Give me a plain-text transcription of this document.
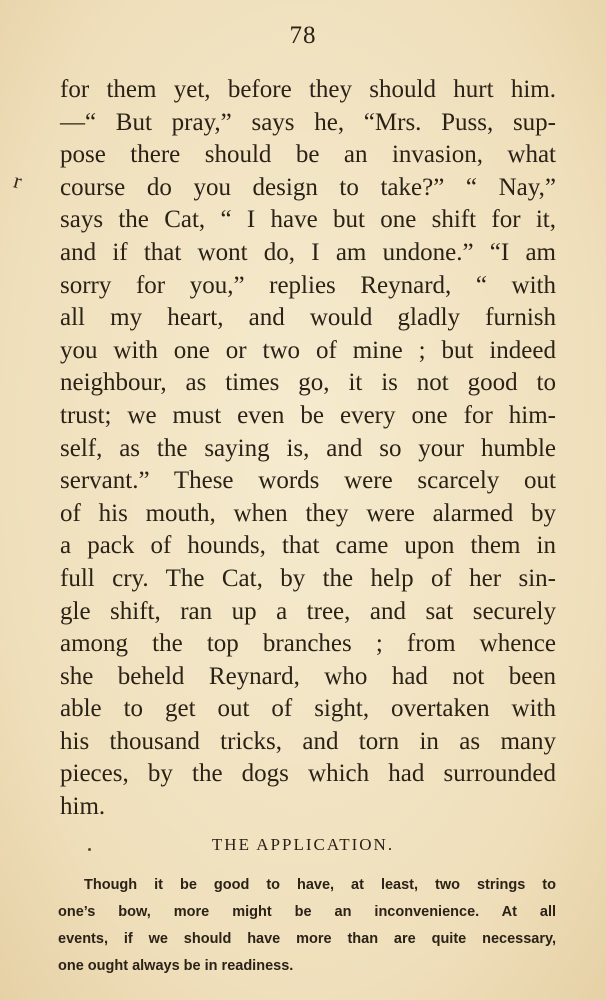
78
r
for them yet, before they should hurt him.
—“ But pray,” says he, “Mrs. Puss, sup-
pose there should be an invasion, what
course do you design to take?” “ Nay,”
says the Cat, “ I have but one shift for it,
and if that wont do, I am undone.” “I am
sorry for you,” replies Reynard, “ with
all my heart, and would gladly furnish
you with one or two of mine ; but indeed
neighbour, as times go, it is not good to
trust; we must even be every one for him-
self, as the saying is, and so your humble
servant.” These words were scarcely out
of his mouth, when they were alarmed by
a pack of hounds, that came upon them in
full cry. The Cat, by the help of her sin-
gle shift, ran up a tree, and sat securely
among the top branches ; from whence
she beheld Reynard, who had not been
able to get out of sight, overtaken with
his thousand tricks, and torn in as many
pieces, by the dogs which had surrounded
him.
THE APPLICATION.
Though it be good to have, at least, two strings to
one’s bow, more might be an inconvenience. At all
events, if we should have more than are quite necessary,
one ought always be in readiness.
